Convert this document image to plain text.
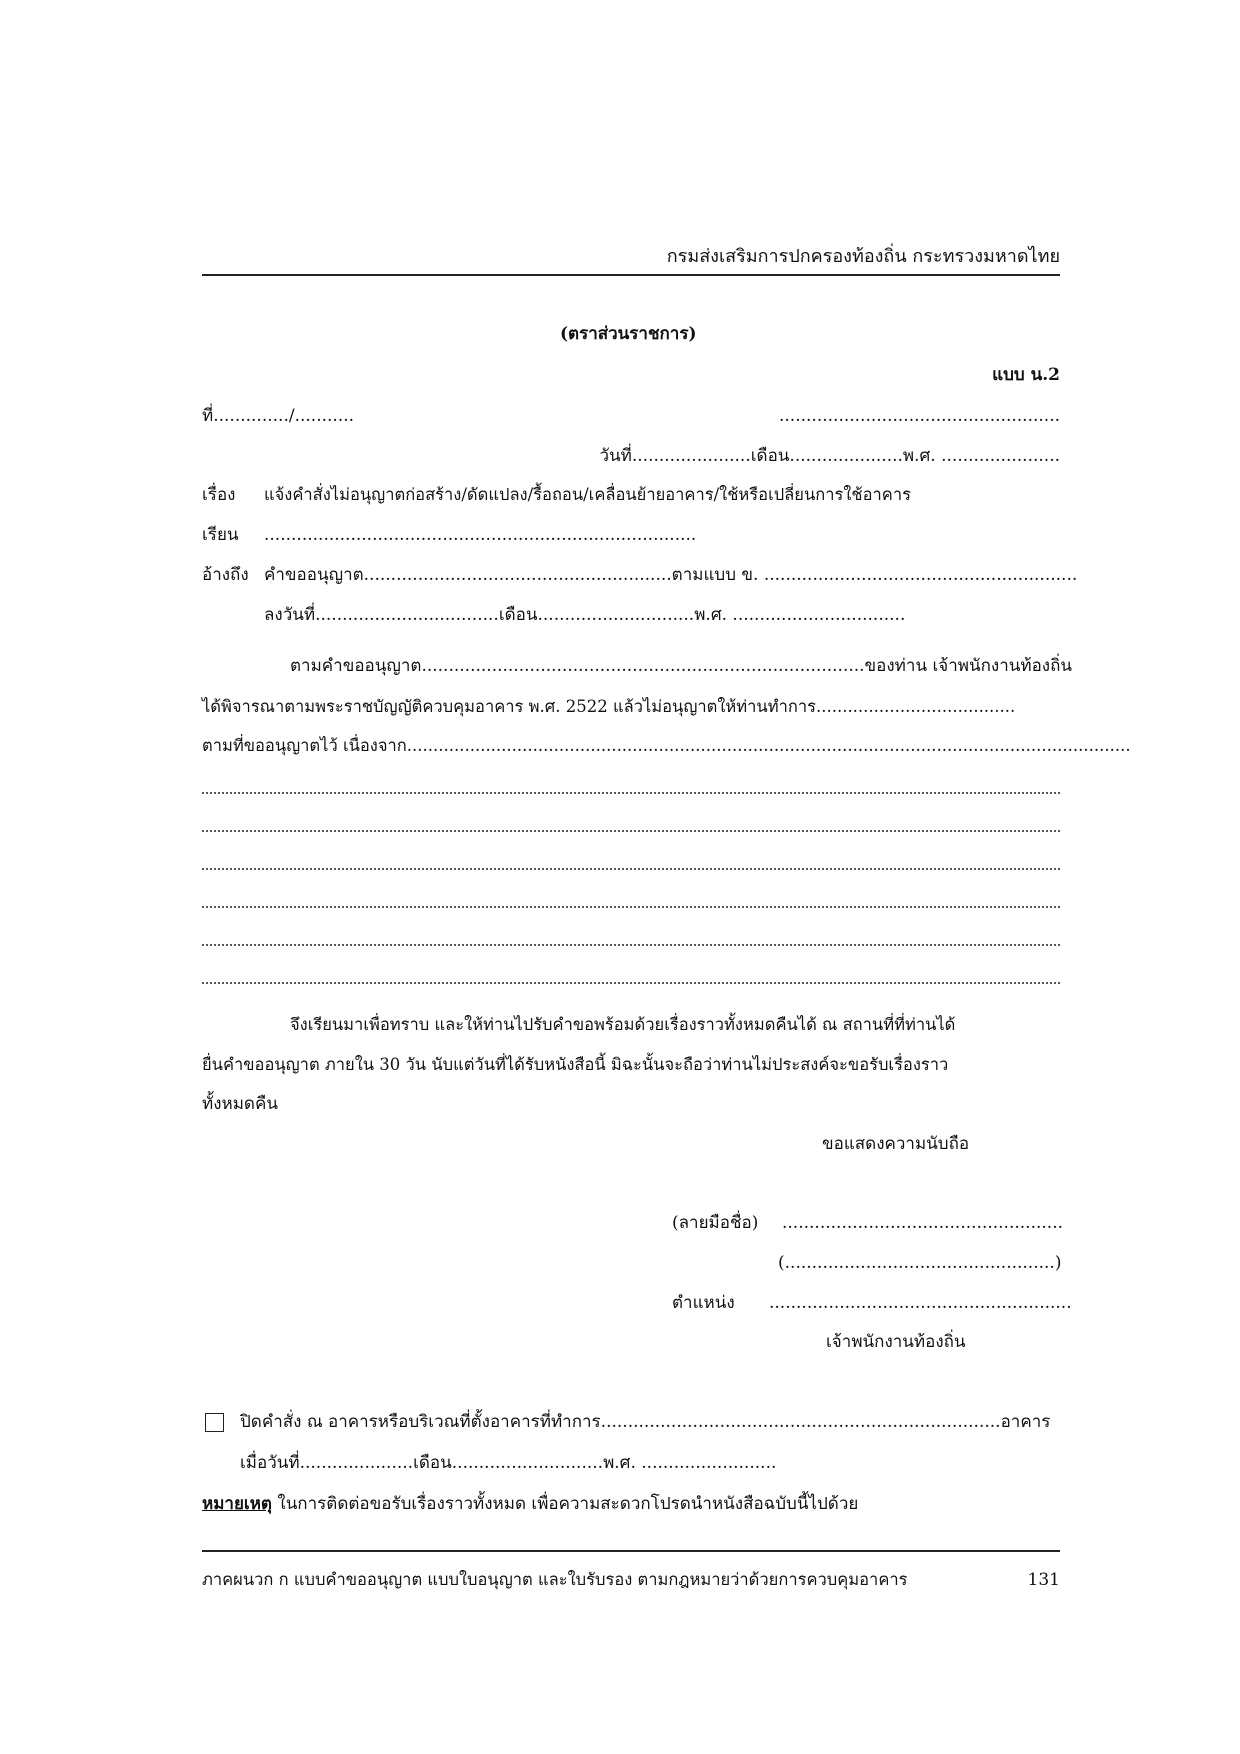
กรมส่งเสริมการปกครองท้องถิ่น กระทรวงมหาดไทย
(ตราส่วนราชการ)
แบบ น.2
ที่............../...........	....................................................
วันที่......................เดือน.....................พ.ศ. ......................
เรื่อง แจ้งคำสั่งไม่อนุญาตก่อสร้าง/ดัดแปลง/รื้อถอน/เคลื่อนย้ายอาคาร/ใช้หรือเปลี่ยนการใช้อาคาร
เรียน ................................................................................
อ้างถึง คำขออนุญาต.........................................................ตามแบบ ข. ..........................................................
ลงวันที่..................................เดือน.............................พ.ศ. ................................
ตามคำขออนุญาต..................................................................................ของท่าน เจ้าพนักงานท้องถิ่น
ได้พิจารณาตามพระราชบัญญัติควบคุมอาคาร พ.ศ. 2522 แล้วไม่อนุญาตให้ท่านทำการ......................................
ตามที่ขออนุญาตไว้ เนื่องจาก..........................................................................................................................................
จึงเรียนมาเพื่อทราบ และให้ท่านไปรับคำขอพร้อมด้วยเรื่องราวทั้งหมดคืนได้ ณ สถานที่ที่ท่านได้
ยื่นคำขออนุญาต ภายใน 30 วัน นับแต่วันที่ได้รับหนังสือนี้ มิฉะนั้นจะถือว่าท่านไม่ประสงค์จะขอรับเรื่องราว
ทั้งหมดคืน
ขอแสดงความนับถือ
(ลายมือชื่อ) ....................................................
(..................................................)
ตำแหน่ง ........................................................
เจ้าพนักงานท้องถิ่น
ปิดคำสั่ง ณ อาคารหรือบริเวณที่ตั้งอาคารที่ทำการ..........................................................................อาคาร
เมื่อวันที่.....................เดือน............................พ.ศ. .........................
หมายเหตุ ในการติดต่อขอรับเรื่องราวทั้งหมด เพื่อความสะดวกโปรดนำหนังสือฉบับนี้ไปด้วย
ภาคผนวก ก แบบคำขออนุญาต แบบใบอนุญาต และใบรับรอง ตามกฎหมายว่าด้วยการควบคุมอาคาร	131
